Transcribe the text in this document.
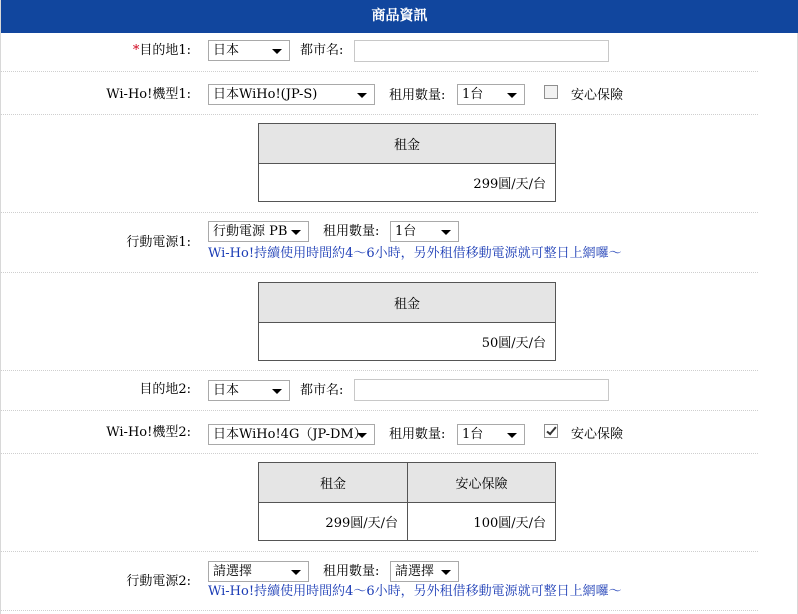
商品資訊
*目的地1:	日本	都市名:
Wi-Ho!機型1:	日本WiHo!(JP-S)	租用數量:	1台	安心保險
租金
299圓/天/台
行動電源1:
行動電源 PB	租用數量:	1台
Wi-Ho!持續使用時間約4～6小時，另外租借移動電源就可整日上網囉～
租金
50圓/天/台
目的地2:	日本	都市名:
Wi-Ho!機型2:	日本WiHo!4G（JP-DM）	租用數量:	1台	安心保險
租金	安心保險
299圓/天/台	100圓/天/台
行動電源2:
請選擇	租用數量:	請選擇
Wi-Ho!持續使用時間約4～6小時，另外租借移動電源就可整日上網囉～
